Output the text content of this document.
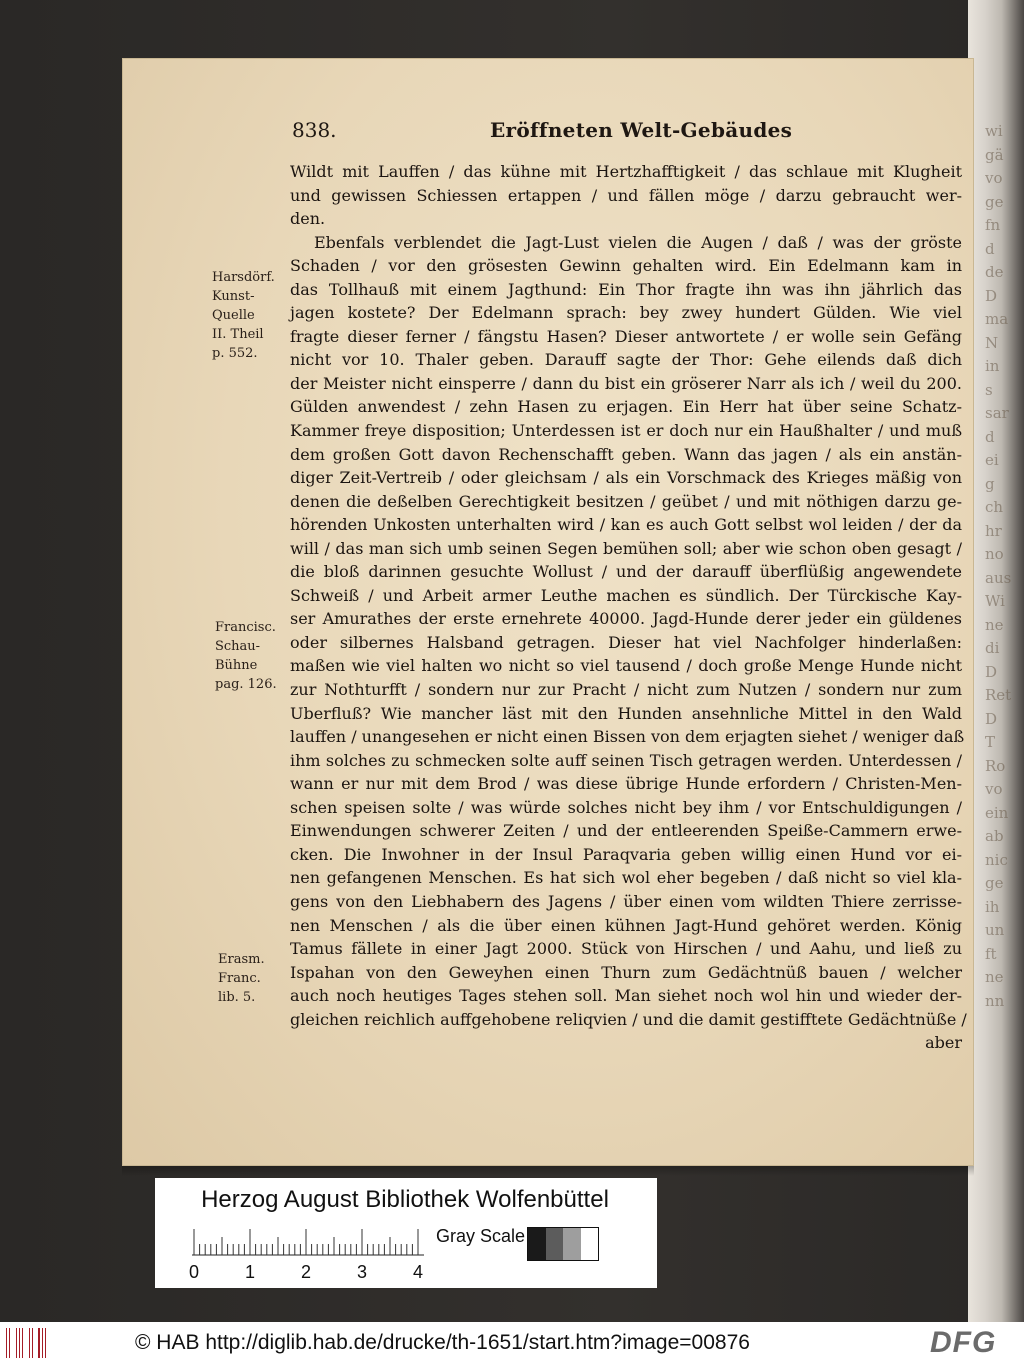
wi
gä
vo
ge
fn
d
de
D
ma
N
in
s
sar
d
ei
g
ch
hr
no
aus
Wi
ne
di
D
Ret
D
T
Ro
vo
ein
ab
nic
ge
ih
un
ft
ne
nn
838.	Eröffneten Welt-Gebäudes
Wildt mit Lauffen / das kühne mit Hertzhafftigkeit / das schlaue mit Klugheit
und gewissen Schiessen ertappen / und fällen möge / darzu gebraucht wer-
den.
Ebenfals verblendet die Jagt-Lust vielen die Augen / daß / was der gröste
Schaden / vor den grösesten Gewinn gehalten wird. Ein Edelmann kam in
das Tollhauß mit einem Jagthund: Ein Thor fragte ihn was ihn jährlich das
jagen kostete? Der Edelmann sprach: bey zwey hundert Gülden. Wie viel
fragte dieser ferner / fängstu Hasen? Dieser antwortete / er wolle sein Gefäng
nicht vor 10. Thaler geben. Darauff sagte der Thor: Gehe eilends daß dich
der Meister nicht einsperre / dann du bist ein gröserer Narr als ich / weil du 200.
Gülden anwendest / zehn Hasen zu erjagen. Ein Herr hat über seine Schatz-
Kammer freye disposition; Unterdessen ist er doch nur ein Haußhalter / und muß
dem großen Gott davon Rechenschafft geben. Wann das jagen / als ein anstän-
diger Zeit-Vertreib / oder gleichsam / als ein Vorschmack des Krieges mäßig von
denen die deßelben Gerechtigkeit besitzen / geübet / und mit nöthigen darzu ge-
hörenden Unkosten unterhalten wird / kan es auch Gott selbst wol leiden / der da
will / das man sich umb seinen Segen bemühen soll; aber wie schon oben gesagt /
die bloß darinnen gesuchte Wollust / und der darauff überflüßig angewendete
Schweiß / und Arbeit armer Leuthe machen es sündlich. Der Türckische Kay-
ser Amurathes der erste ernehrete 40000. Jagd-Hunde derer jeder ein güldenes
oder silbernes Halsband getragen. Dieser hat viel Nachfolger hinderlaßen:
maßen wie viel halten wo nicht so viel tausend / doch große Menge Hunde nicht
zur Nothturfft / sondern nur zur Pracht / nicht zum Nutzen / sondern nur zum
Uberfluß? Wie mancher läst mit den Hunden ansehnliche Mittel in den Wald
lauffen / unangesehen er nicht einen Bissen von dem erjagten siehet / weniger daß
ihm solches zu schmecken solte auff seinen Tisch getragen werden. Unterdessen /
wann er nur mit dem Brod / was diese übrige Hunde erfordern / Christen-Men-
schen speisen solte / was würde solches nicht bey ihm / vor Entschuldigungen /
Einwendungen schwerer Zeiten / und der entleerenden Speiße-Cammern erwe-
cken. Die Inwohner in der Insul Paraqvaria geben willig einen Hund vor ei-
nen gefangenen Menschen. Es hat sich wol eher begeben / daß nicht so viel kla-
gens von den Liebhabern des Jagens / über einen vom wildten Thiere zerrisse-
nen Menschen / als die über einen kühnen Jagt-Hund gehöret werden. König
Tamus fällete in einer Jagt 2000. Stück von Hirschen / und Aahu, und ließ zu
Ispahan von den Geweyhen einen Thurn zum Gedächtnüß bauen / welcher
auch noch heutiges Tages stehen soll. Man siehet noch wol hin und wieder der-
gleichen reichlich auffgehobene reliqvien / und die damit gestifftete Gedächtnüße /
aber
Harsdörf.
Kunst-
Quelle
II. Theil
p. 552.
Francisc.
Schau-
Bühne
pag. 126.
Erasm.
Franc.
lib. 5.
Herzog August Bibliothek Wolfenbüttel
0	1	2	3	4
Gray Scale
© HAB http://diglib.hab.de/drucke/th-1651/start.htm?image=00876	DFG
